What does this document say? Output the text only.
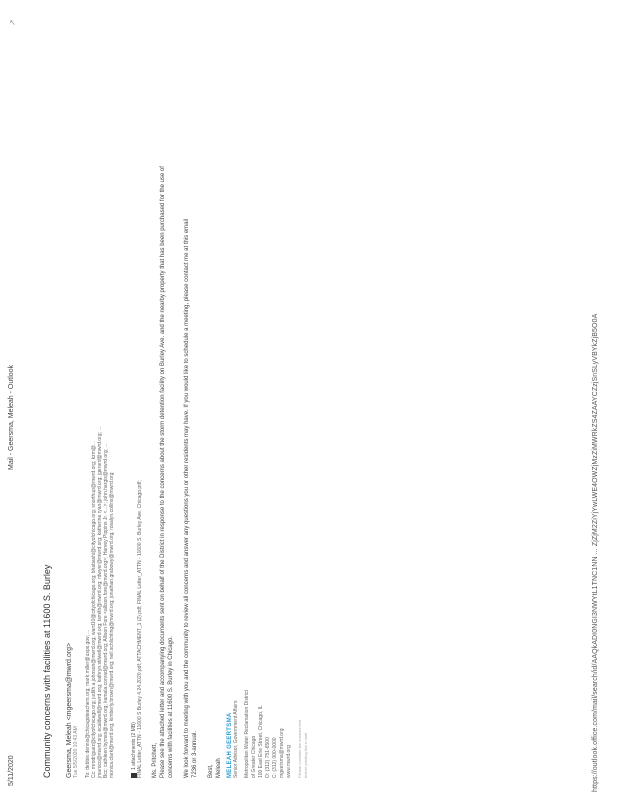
5/11/2020
Mail - Geersma, Meleah - Outlook
↗
Community concerns with facilities at 11600 S. Burley Geersma, Meleah <mgeersma@mwrd.org> Tue 5/5/2020 10:43 AM To: debbie.dennis@chicagoteachers.org; mark.miller@usps.gov; ... Cc: mrodriguez@cityofchicago.org; judith.a.johnson@mwrd.org; ward10@cityofchicago.org; bhabashi@cityofchicago.org; snorthup@mwrd.org; kzm@... jmaroco@mwrd.org; ecaldwell@mwrd.org; kathryn.stilwell@mwrd.org; tsmith@mwrd.org; rdwyer@mwrd.org; katherine.ryan@mwrd.org; jgerard@mwrd.org; ... Bcc: cathleen.byrnes@mwrd.org; kamala.conrad@mwrd.org; Allison Fore <allison.fore@mwrd.org>; Harvey Pippins Jr. <...>; john.hargis@mwrd.org; ... monica.clark@mwrd.org; kimberly.brown@mwrd.org; neil.schlichting@mwrd.org; jonathan.grabowy@mwrd.org; rosalyn.collins@mwrd.org	1 attachments (2 MB) FINAL Letter_ATTN - 11600 S Burley 4.24.2020.pdf; ATTACHMENT_1 (2).pdf; FINAL Letter_ATTN - 11600 S. Burley Ave. Chicago.pdf; Ms. Pritchett, Please see the attached letter and accompanying documents sent on behalf of the District in response to the concerns about the storm detention facility on Burley Ave. and the nearby property that has been purchased for the use of concerns with facilities at 11600 S. Burley in Chicago. We look forward to meeting with you and the community to review all concerns and answer any questions you or other residents may have. If you would like to schedule a meeting, please contact me at this email 7236 or 3-annual. Best, Meleah MELEAH GEERTSMA Senior Advisor, Government Affairs Metropolitan Water Reclamation District of Greater Chicago 100 East Erie Street, Chicago, IL O: (312) 751-6500 C: (312) 000-0000 mgeersma@mwrd.org www.mwrd.org Please consider the environment before printing this e-mail.	https://outlook.office.com/mail/search/id/AAQkADI0NGI3NWYtL1TNC1NN ... ZjZjM2ZiYjYwLWE4OWZjMzZiMWRkZS4ZAAYCZzjSnSLyVBYkZjB5O0A
